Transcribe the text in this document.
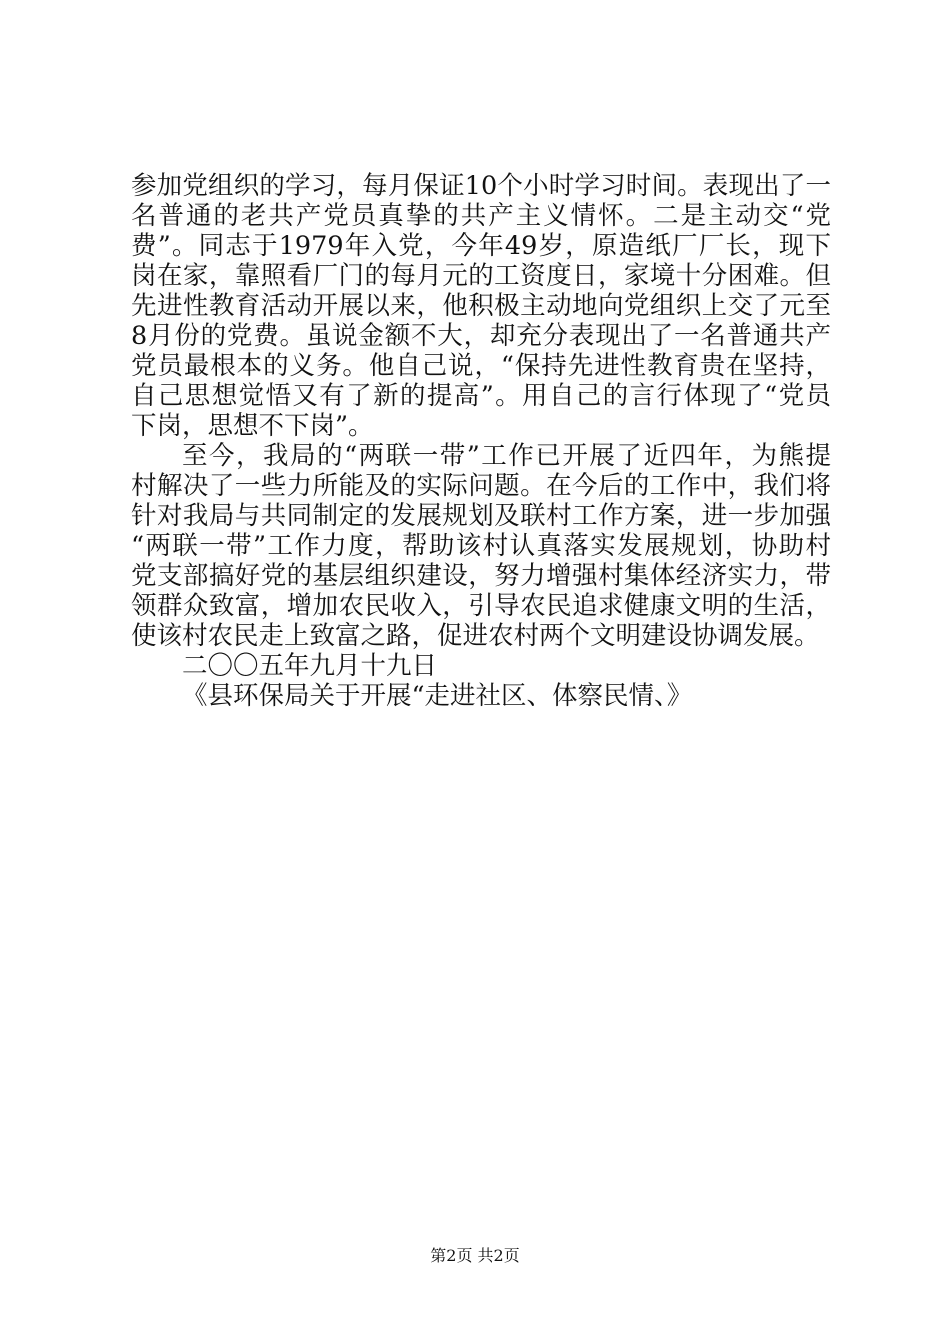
参加党组织的学习，每月保证10个小时学习时间。表现出了一
名普通的老共产党员真挚的共产主义情怀。二是主动交“党
费”。同志于1979年入党，今年49岁，原造纸厂厂长，现下
岗在家，靠照看厂门的每月元的工资度日，家境十分困难。但
先进性教育活动开展以来，他积极主动地向党组织上交了元至
8月份的党费。虽说金额不大，却充分表现出了一名普通共产
党员最根本的义务。他自己说，“保持先进性教育贵在坚持，
自己思想觉悟又有了新的提高”。用自己的言行体现了“党员
下岗，思想不下岗”。
至今，我局的“两联一带”工作已开展了近四年，为熊提
村解决了一些力所能及的实际问题。在今后的工作中，我们将
针对我局与共同制定的发展规划及联村工作方案，进一步加强
“两联一带”工作力度，帮助该村认真落实发展规划，协助村
党支部搞好党的基层组织建设，努力增强村集体经济实力，带
领群众致富，增加农民收入，引导农民追求健康文明的生活，
使该村农民走上致富之路，促进农村两个文明建设协调发展。
二〇〇五年九月十九日
《县环保局关于开展“走进社区、体察民情、》
第2页 共2页
